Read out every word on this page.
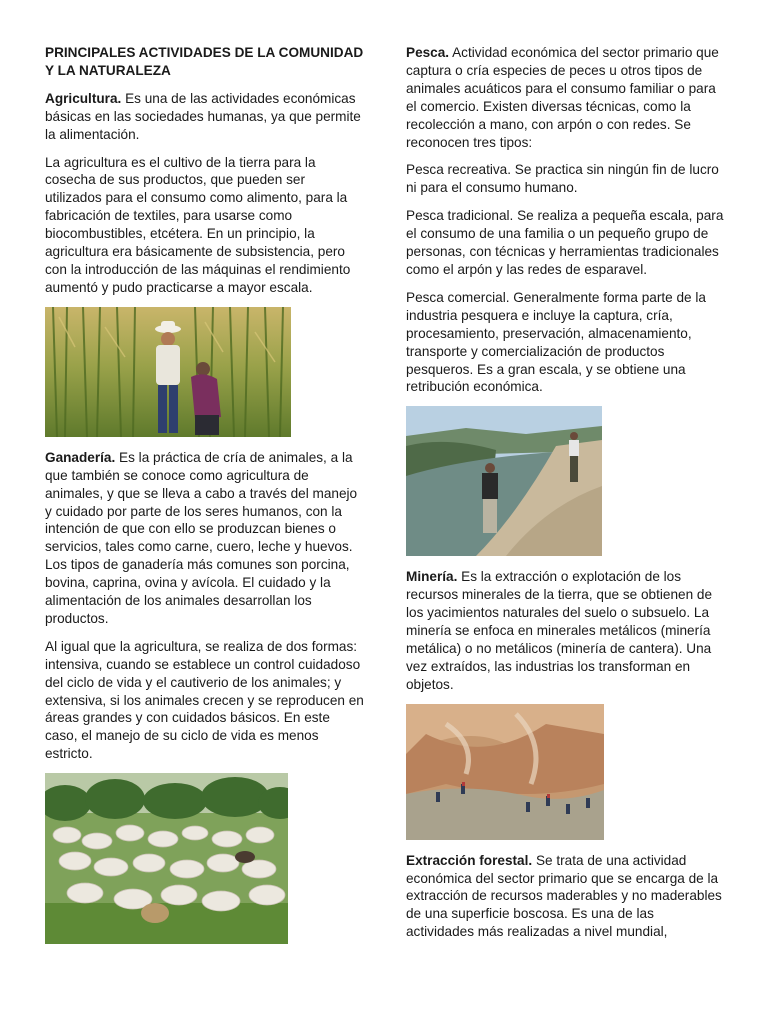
PRINCIPALES ACTIVIDADES DE LA COMUNIDAD Y LA NATURALEZA

Agricultura. Es una de las actividades económicas básicas en las sociedades humanas, ya que permite la alimentación.

La agricultura es el cultivo de la tierra para la cosecha de sus productos, que pueden ser utilizados para el consumo como alimento, para la fabricación de textiles, para usarse como biocombustibles, etcétera. En un principio, la agricultura era básicamente de subsistencia, pero con la introducción de las máquinas el rendimiento aumentó y pudo practicarse a mayor escala.

Ganadería. Es la práctica de cría de animales, a la que también se conoce como agricultura de animales, y que se lleva a cabo a través del manejo y cuidado por parte de los seres humanos, con la intención de que con ello se produzcan bienes o servicios, tales como carne, cuero, leche y huevos. Los tipos de ganadería más comunes son porcina, bovina, caprina, ovina y avícola. El cuidado y la alimentación de los animales desarrollan los productos.

Al igual que la agricultura, se realiza de dos formas: intensiva, cuando se establece un control cuidadoso del ciclo de vida y el cautiverio de los animales; y extensiva, si los animales crecen y se reproducen en áreas grandes y con cuidados básicos. En este caso, el manejo de su ciclo de vida es menos estricto.

Pesca. Actividad económica del sector primario que captura o cría especies de peces u otros tipos de animales acuáticos para el consumo familiar o para el comercio. Existen diversas técnicas, como la recolección a mano, con arpón o con redes. Se reconocen tres tipos:

Pesca recreativa. Se practica sin ningún fin de lucro ni para el consumo humano.

Pesca tradicional. Se realiza a pequeña escala, para el consumo de una familia o un pequeño grupo de personas, con técnicas y herramientas tradicionales como el arpón y las redes de esparavel.

Pesca comercial. Generalmente forma parte de la industria pesquera e incluye la captura, cría, procesamiento, preservación, almacenamiento, transporte y comercialización de productos pesqueros. Es a gran escala, y se obtiene una retribución económica.

Minería. Es la extracción o explotación de los recursos minerales de la tierra, que se obtienen de los yacimientos naturales del suelo o subsuelo. La minería se enfoca en minerales metálicos (minería metálica) o no metálicos (minería de cantera). Una vez extraídos, las industrias los transforman en objetos.

Extracción forestal. Se trata de una actividad económica del sector primario que se encarga de la extracción de recursos maderables y no maderables de una superficie boscosa. Es una de las actividades más realizadas a nivel mundial,
